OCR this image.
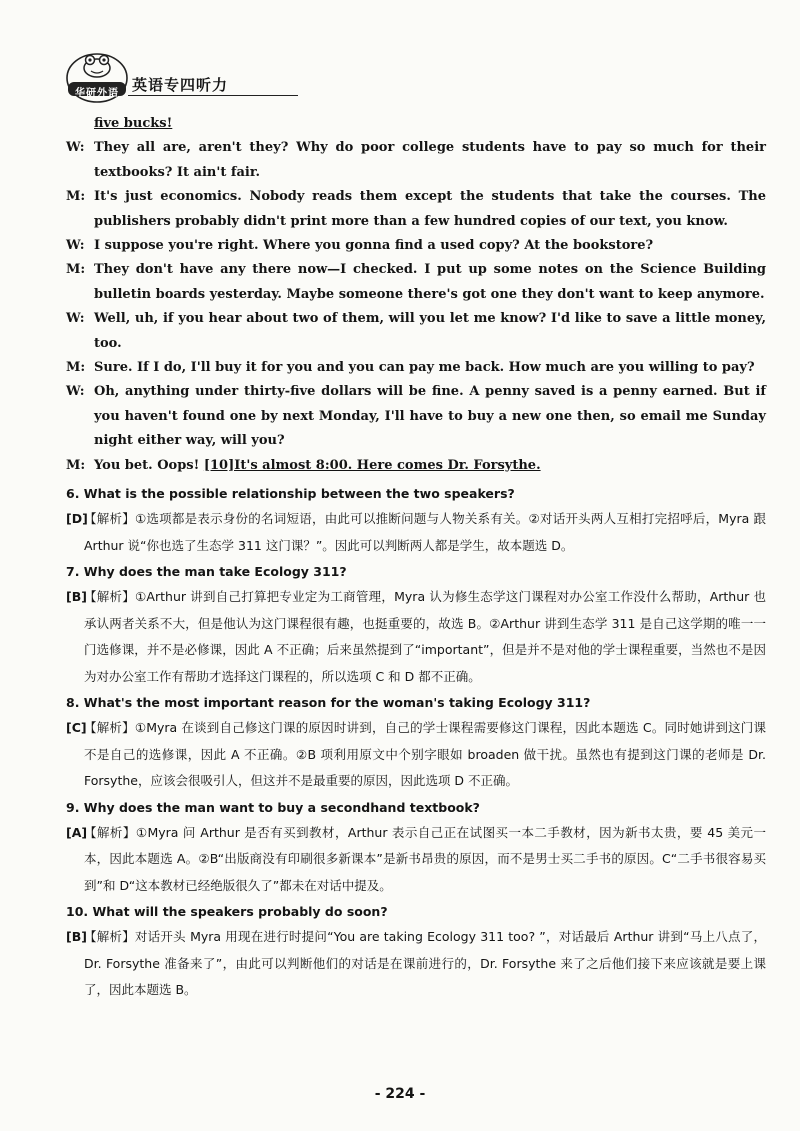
华研外语 英语专四听力
five bucks!
W: They all are, aren't they? Why do poor college students have to pay so much for their textbooks? It ain't fair.
M: It's just economics. Nobody reads them except the students that take the courses. The publishers probably didn't print more than a few hundred copies of our text, you know.
W: I suppose you're right. Where you gonna find a used copy? At the bookstore?
M: They don't have any there now—I checked. I put up some notes on the Science Building bulletin boards yesterday. Maybe someone there's got one they don't want to keep anymore.
W: Well, uh, if you hear about two of them, will you let me know? I'd like to save a little money, too.
M: Sure. If I do, I'll buy it for you and you can pay me back. How much are you willing to pay?
W: Oh, anything under thirty-five dollars will be fine. A penny saved is a penny earned. But if you haven't found one by next Monday, I'll have to buy a new one then, so email me Sunday night either way, will you?
M: You bet. Oops! [10]It's almost 8:00. Here comes Dr. Forsythe.
6. What is the possible relationship between the two speakers?
[D]
【解析】①选项都是表示身份的名词短语，由此可以推断问题与人物关系有关。②对话开头两人互相打完招呼后，Myra 跟 Arthur 说“你也选了生态学 311 这门课？”。因此可以判断两人都是学生，故本题选 D。
7. Why does the man take Ecology 311?
[B]
【解析】①Arthur 讲到自己打算把专业定为工商管理，Myra 认为修生态学这门课程对办公室工作没什么帮助，Arthur 也承认两者关系不大，但是他认为这门课程很有趣，也挺重要的，故选 B。②Arthur 讲到生态学 311 是自己这学期的唯一一门选修课，并不是必修课，因此 A 不正确；后来虽然提到了“important”，但是并不是对他的学士课程重要，当然也不是因为对办公室工作有帮助才选择这门课程的，所以选项 C 和 D 都不正确。
8. What's the most important reason for the woman's taking Ecology 311?
[C]
【解析】①Myra 在谈到自己修这门课的原因时讲到，自己的学士课程需要修这门课程，因此本题选 C。同时她讲到这门课不是自己的选修课，因此 A 不正确。②B 项利用原文中个别字眼如 broaden 做干扰。虽然也有提到这门课的老师是 Dr. Forsythe，应该会很吸引人，但这并不是最重要的原因，因此选项 D 不正确。
9. Why does the man want to buy a secondhand textbook?
[A]
【解析】①Myra 问 Arthur 是否有买到教材，Arthur 表示自己正在试图买一本二手教材，因为新书太贵，要 45 美元一本，因此本题选 A。②B“出版商没有印刷很多新课本”是新书昂贵的原因，而不是男士买二手书的原因。C“二手书很容易买到”和 D“这本教材已经绝版很久了”都未在对话中提及。
10. What will the speakers probably do soon?
[B]
【解析】对话开头 Myra 用现在进行时提问“You are taking Ecology 311 too? ”，对话最后 Arthur 讲到“马上八点了，Dr. Forsythe 准备来了”，由此可以判断他们的对话是在课前进行的，Dr. Forsythe 来了之后他们接下来应该就是要上课了，因此本题选 B。
- 224 -
